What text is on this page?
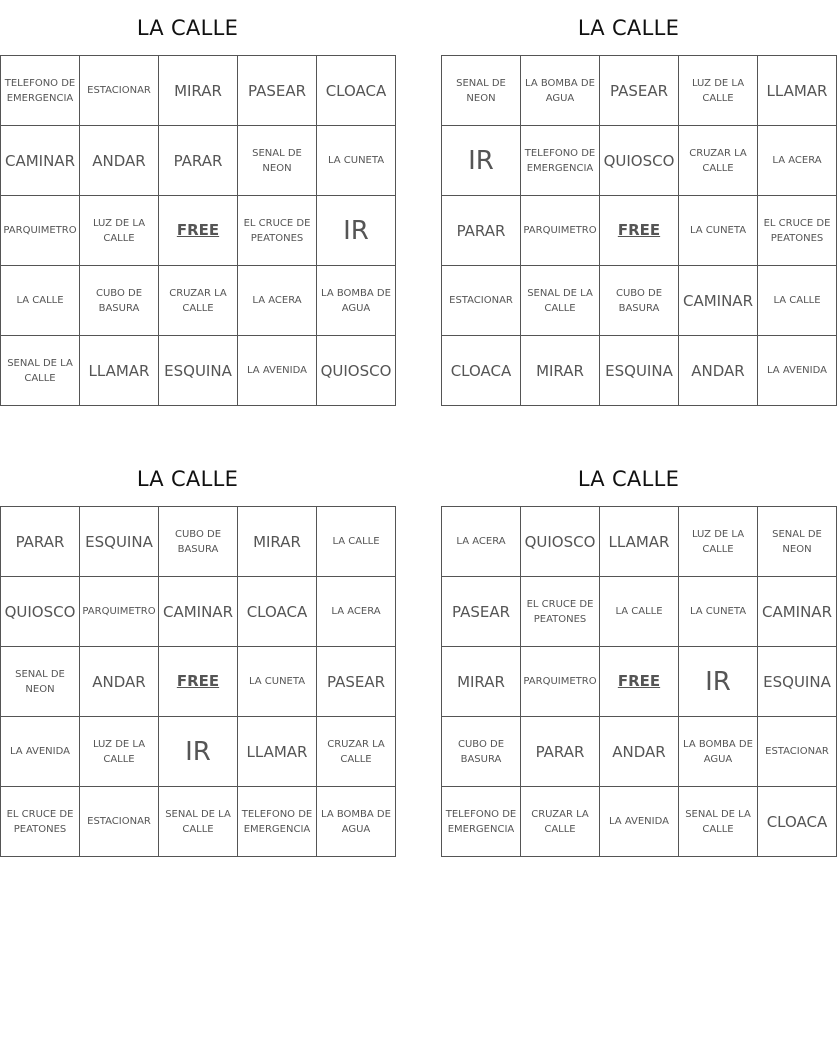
LA CALLE
TELEFONO DE EMERGENCIA	ESTACIONAR	MIRAR	PASEAR	CLOACA
CAMINAR	ANDAR	PARAR	SENAL DE NEON	LA CUNETA
PARQUIMETRO	LUZ DE LA CALLE	FREE	EL CRUCE DE PEATONES	IR
LA CALLE	CUBO DE BASURA	CRUZAR LA CALLE	LA ACERA	LA BOMBA DE AGUA
SENAL DE LA CALLE	LLAMAR	ESQUINA	LA AVENIDA	QUIOSCO
LA CALLE
SENAL DE NEON	LA BOMBA DE AGUA	PASEAR	LUZ DE LA CALLE	LLAMAR
IR	TELEFONO DE EMERGENCIA	QUIOSCO	CRUZAR LA CALLE	LA ACERA
PARAR	PARQUIMETRO	FREE	LA CUNETA	EL CRUCE DE PEATONES
ESTACIONAR	SENAL DE LA CALLE	CUBO DE BASURA	CAMINAR	LA CALLE
CLOACA	MIRAR	ESQUINA	ANDAR	LA AVENIDA
LA CALLE
PARAR	ESQUINA	CUBO DE BASURA	MIRAR	LA CALLE
QUIOSCO	PARQUIMETRO	CAMINAR	CLOACA	LA ACERA
SENAL DE NEON	ANDAR	FREE	LA CUNETA	PASEAR
LA AVENIDA	LUZ DE LA CALLE	IR	LLAMAR	CRUZAR LA CALLE
EL CRUCE DE PEATONES	ESTACIONAR	SENAL DE LA CALLE	TELEFONO DE EMERGENCIA	LA BOMBA DE AGUA
LA CALLE
LA ACERA	QUIOSCO	LLAMAR	LUZ DE LA CALLE	SENAL DE NEON
PASEAR	EL CRUCE DE PEATONES	LA CALLE	LA CUNETA	CAMINAR
MIRAR	PARQUIMETRO	FREE	IR	ESQUINA
CUBO DE BASURA	PARAR	ANDAR	LA BOMBA DE AGUA	ESTACIONAR
TELEFONO DE EMERGENCIA	CRUZAR LA CALLE	LA AVENIDA	SENAL DE LA CALLE	CLOACA
